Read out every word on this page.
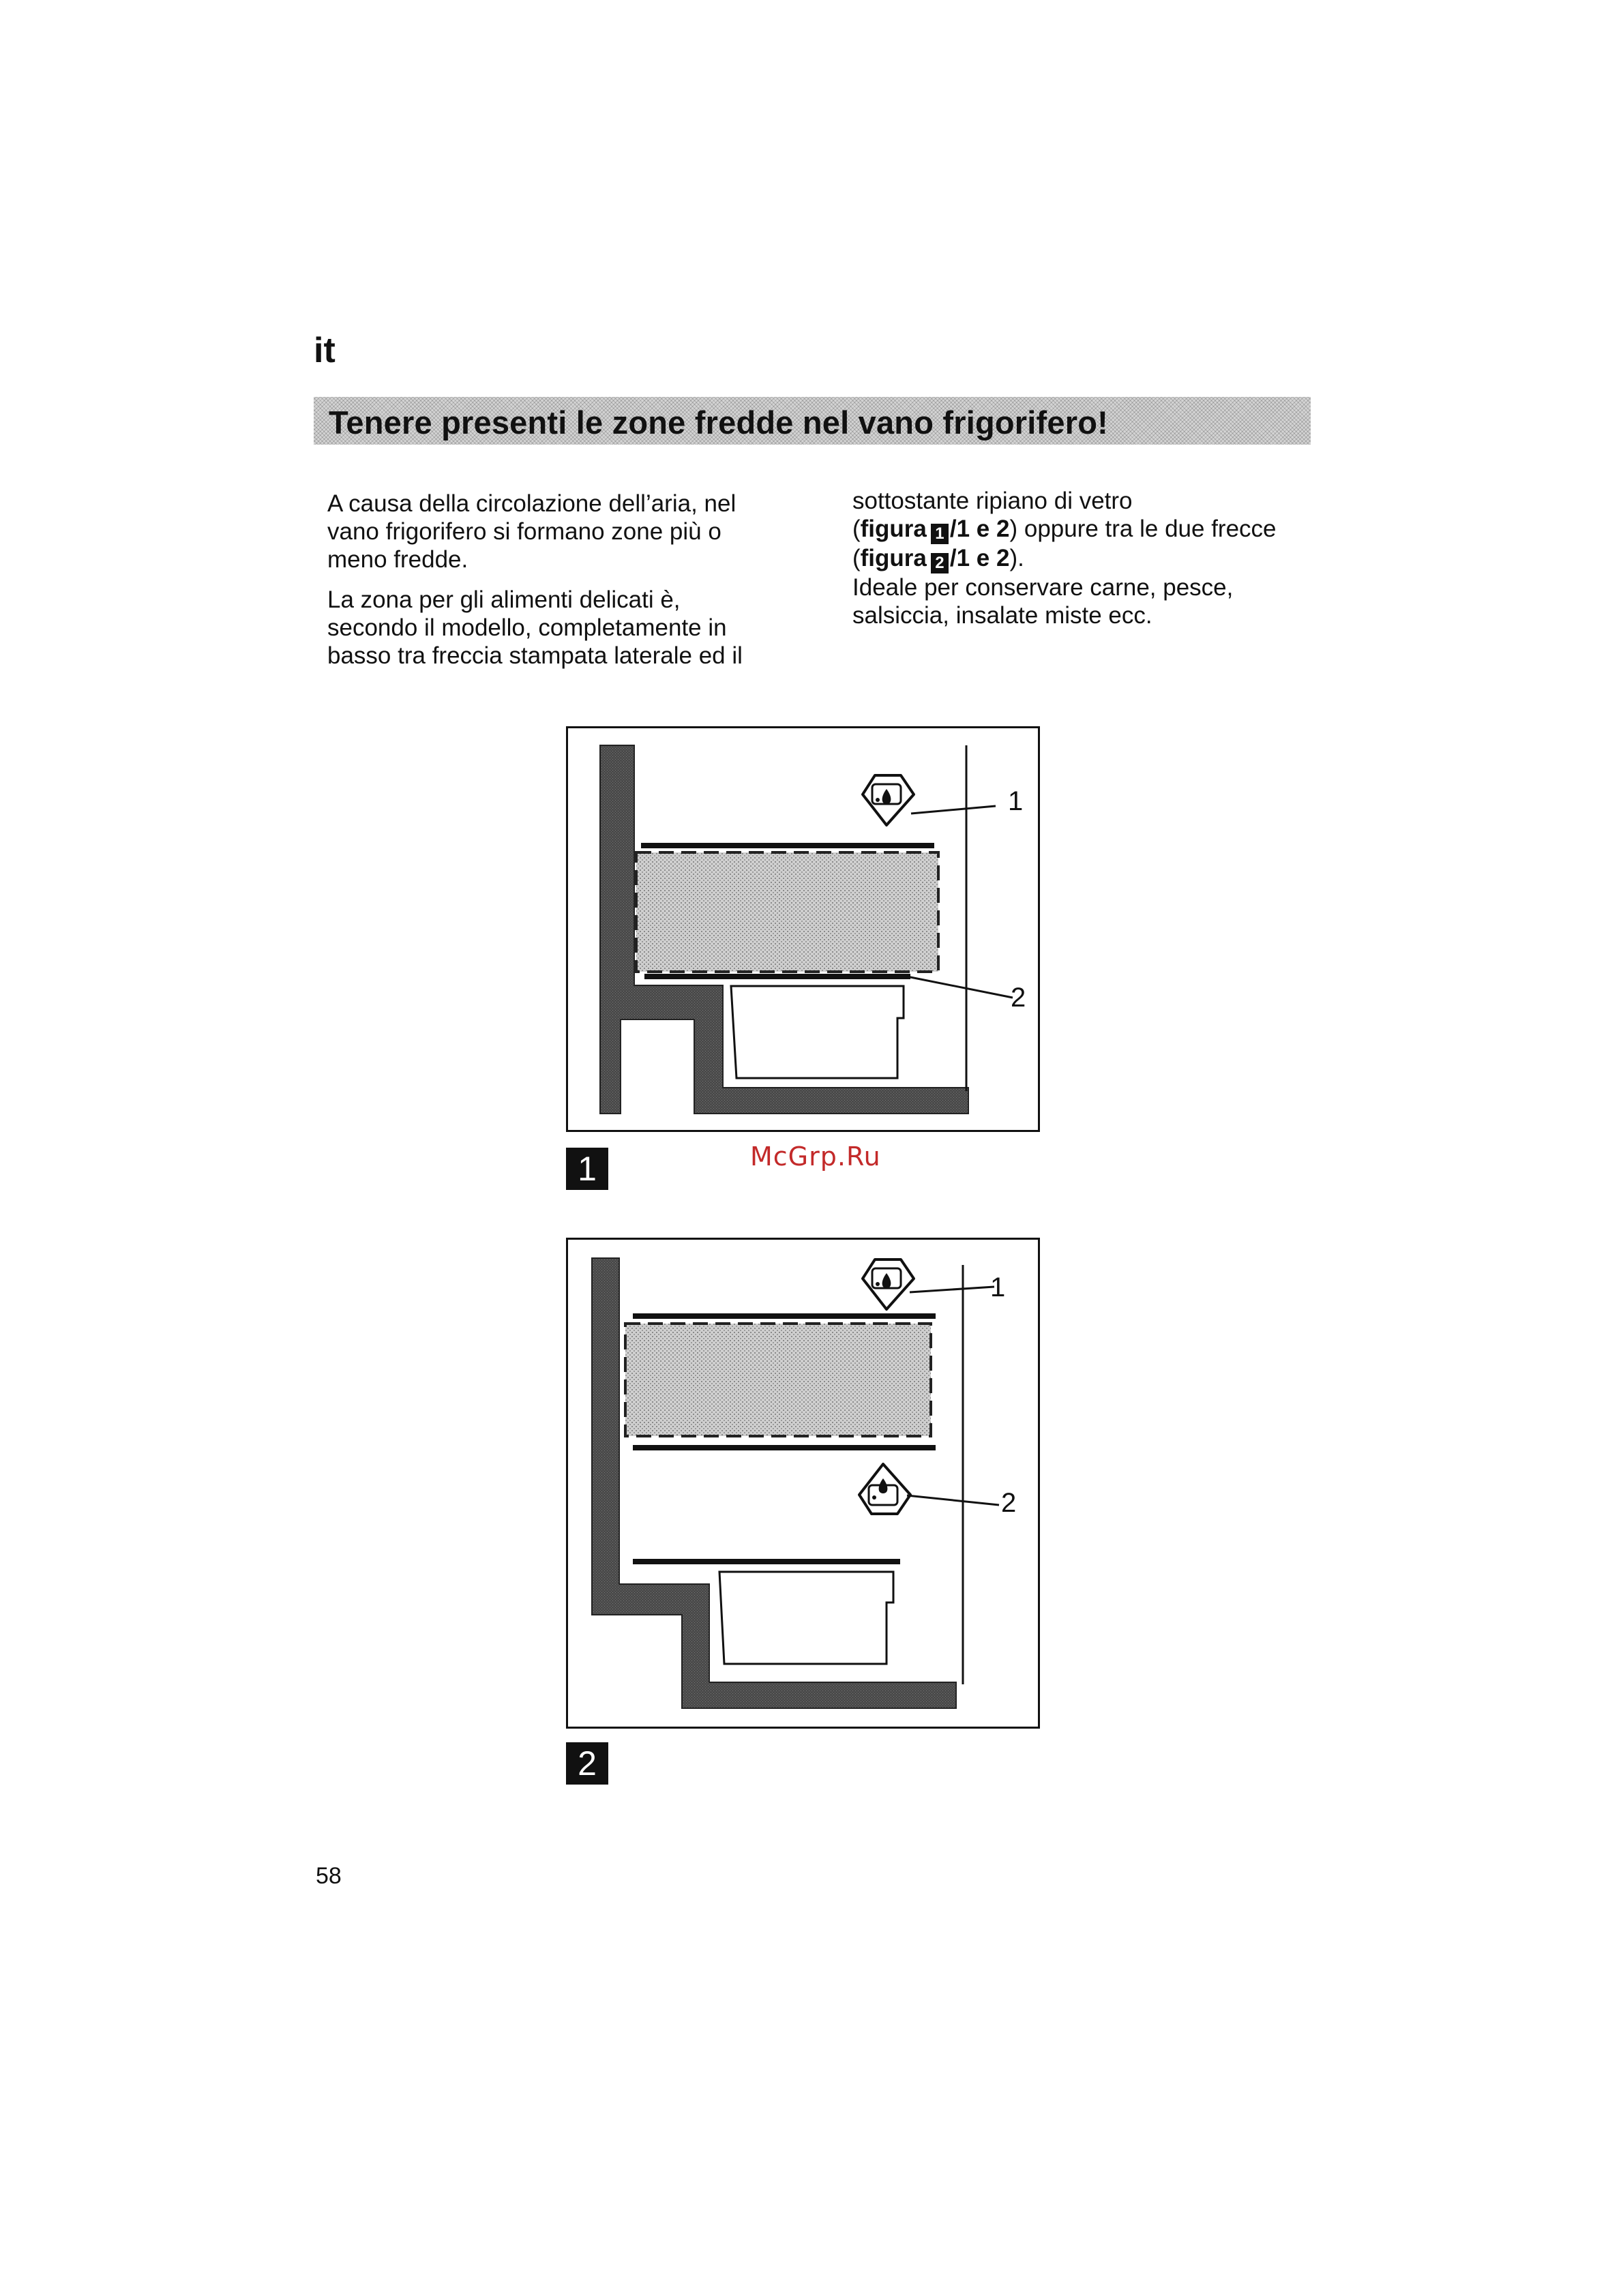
it
Tenere presenti le zone fredde nel vano frigorifero!

A causa della circolazione dell’aria, nel
vano frigorifero si formano zone più o
meno fredde.

La zona per gli alimenti delicati è,
secondo il modello, completamente in
basso tra freccia stampata laterale ed il

sottostante ripiano di vetro
(figura 1 /1 e 2) oppure tra le due frecce
(figura 2 /1 e 2).
Ideale per conservare carne, pesce,
salsiccia, insalate miste ecc.
1
2
1	McGrp.Ru
1
2
2
58
